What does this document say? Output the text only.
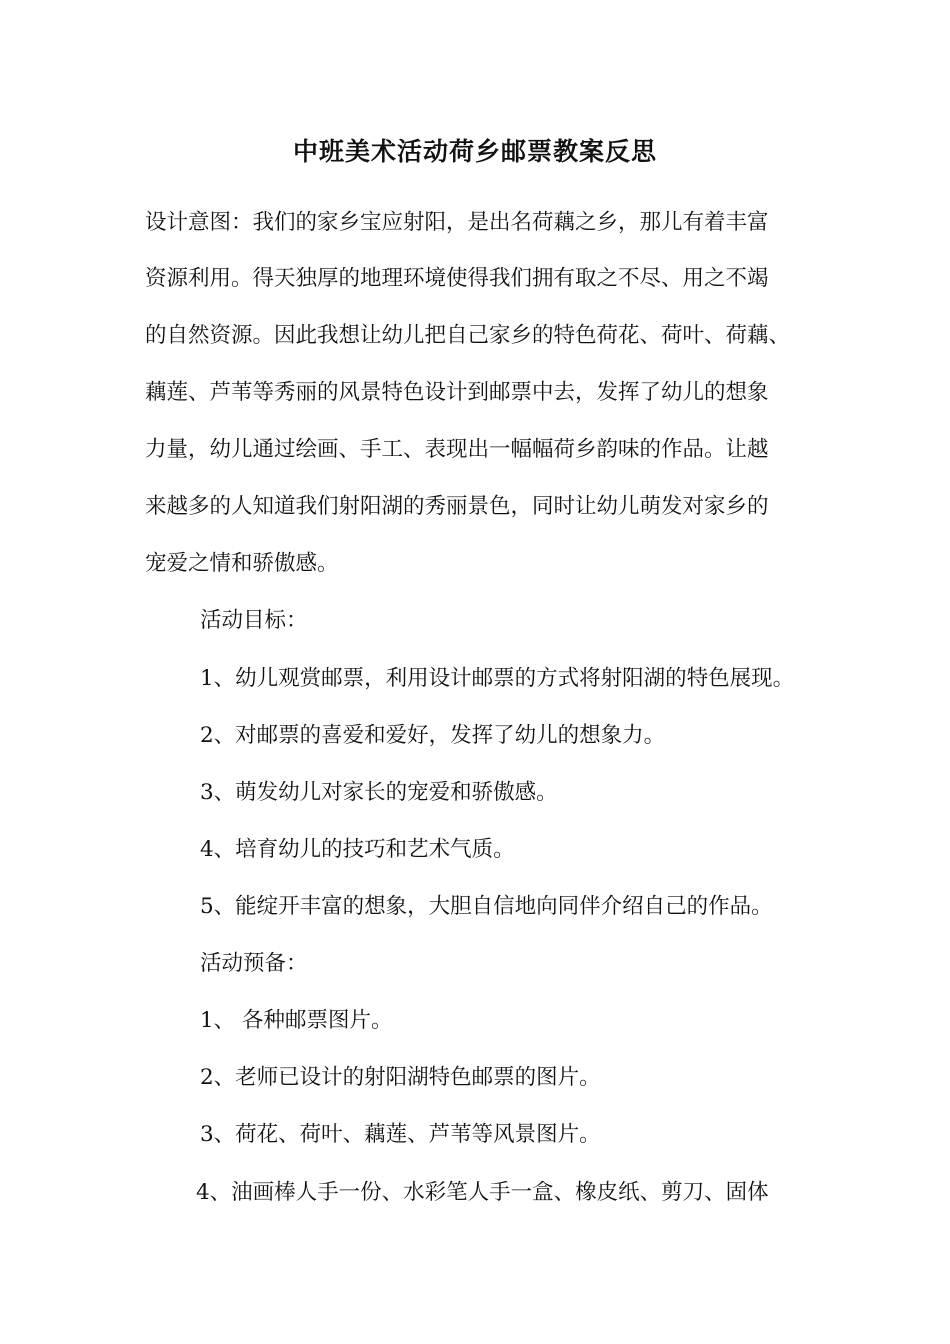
中班美术活动荷乡邮票教案反思
设计意图：我们的家乡宝应射阳，是出名荷藕之乡，那儿有着丰富
资源利用。得天独厚的地理环境使得我们拥有取之不尽、用之不竭
的自然资源。因此我想让幼儿把自己家乡的特色荷花、荷叶、荷藕、
藕莲、芦苇等秀丽的风景特色设计到邮票中去，发挥了幼儿的想象
力量，幼儿通过绘画、手工、表现出一幅幅荷乡韵味的作品。让越
来越多的人知道我们射阳湖的秀丽景色，同时让幼儿萌发对家乡的
宠爱之情和骄傲感。
活动目标：
1、幼儿观赏邮票，利用设计邮票的方式将射阳湖的特色展现。
2、对邮票的喜爱和爱好，发挥了幼儿的想象力。
3、萌发幼儿对家长的宠爱和骄傲感。
4、培育幼儿的技巧和艺术气质。
5、能绽开丰富的想象，大胆自信地向同伴介绍自己的作品。
活动预备：
1、 各种邮票图片。
2、老师已设计的射阳湖特色邮票的图片。
3、荷花、荷叶、藕莲、芦苇等风景图片。
4、油画棒人手一份、水彩笔人手一盒、橡皮纸、剪刀、固体
